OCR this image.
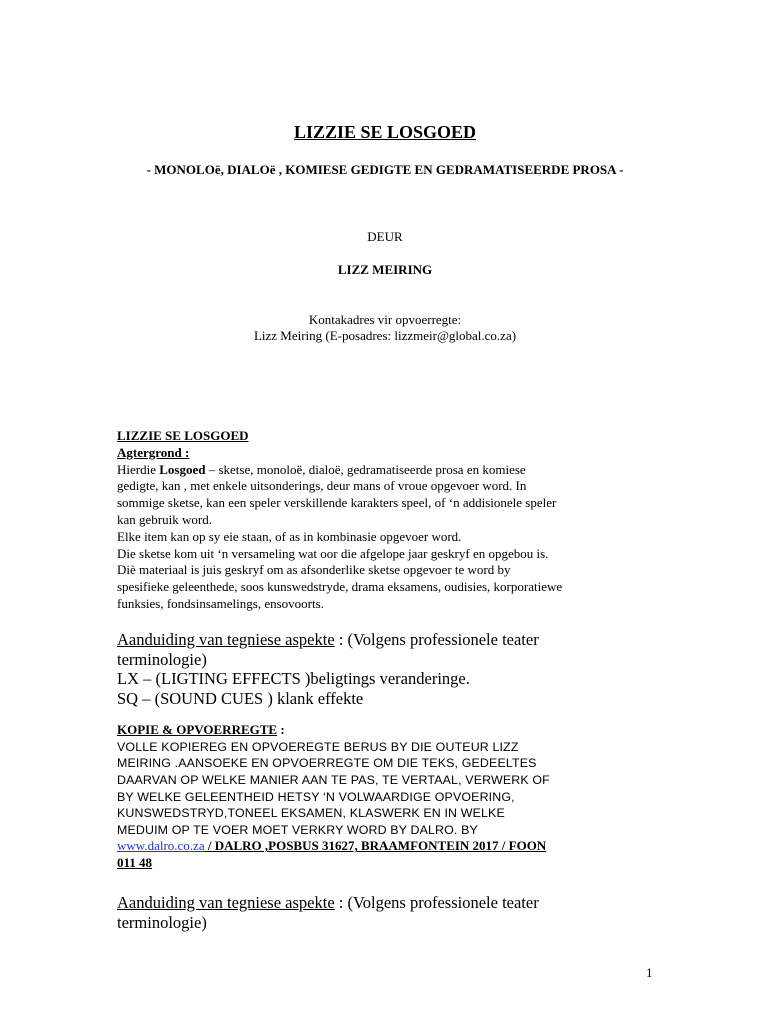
LIZZIE SE LOSGOED
- MONOLOë, DIALOë , KOMIESE GEDIGTE EN GEDRAMATISEERDE PROSA -
DEUR
LIZZ MEIRING
Kontakadres vir opvoerregte:
Lizz Meiring (E-posadres: lizzmeir@global.co.za)
LIZZIE SE LOSGOED
Agtergrond :
Hierdie Losgoed – sketse, monoloë, dialoë, gedramatiseerde prosa en komiese
gedigte, kan , met enkele uitsonderings, deur mans of vroue opgevoer word. In
sommige sketse, kan een speler verskillende karakters speel, of ‘n addisionele speler
kan gebruik word.
Elke item kan op sy eie staan, of as in kombinasie opgevoer word.
Die sketse kom uit ‘n versameling wat oor die afgelope jaar geskryf en opgebou is.
Diè materiaal is juis geskryf om as afsonderlike sketse opgevoer te word by
spesifieke geleenthede, soos kunswedstryde, drama eksamens, oudisies, korporatiewe
funksies, fondsinsamelings, ensovoorts.
Aanduiding van tegniese aspekte : (Volgens professionele teater
terminologie)
LX – (LIGTING EFFECTS )beligtings veranderinge.
SQ – (SOUND CUES ) klank effekte
KOPIE & OPVOERREGTE :
VOLLE KOPIEREG EN OPVOEREGTE BERUS BY DIE OUTEUR LIZZ
MEIRING .AANSOEKE EN OPVOERREGTE OM DIE TEKS, GEDEELTES
DAARVAN OP WELKE MANIER AAN TE PAS, TE VERTAAL, VERWERK OF
BY WELKE GELEENTHEID HETSY ‘N VOLWAARDIGE OPVOERING,
KUNSWEDSTRYD,TONEEL EKSAMEN, KLASWERK EN IN WELKE
MEDUIM OP TE VOER MOET VERKRY WORD BY DALRO. BY
www.dalro.co.za / DALRO ,POSBUS 31627, BRAAMFONTEIN 2017 / FOON
011 48
Aanduiding van tegniese aspekte : (Volgens professionele teater
terminologie)
1
